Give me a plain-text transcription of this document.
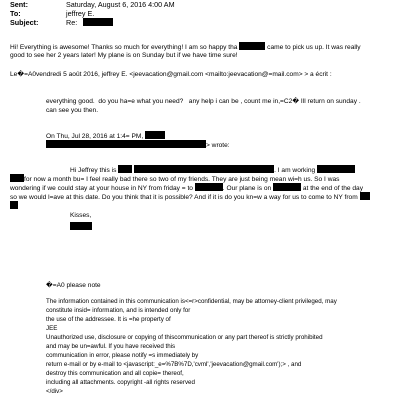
Sent:	Saturday, August 6, 2016 4:00 AM
To:	jeffrey E.
Subject:	Re:
Hi! Everything is awesome! Thanks so much for everything! I am so happy tha	came to pick us up. It was really
good to see her 2 years later! My plane is on Sunday but if we have time sure!
Le�=A0vendredi 5 août 2016, jeffrey E. <jeevacation@gmail.com <mailto:jeevacation@=mail.com> > a écrit :
everything good.  do you ha=e what you need?   any help i can be , count me in,=C2� Ill return on sunday .
can see you then.
On Thu, Jul 28, 2016 at 1:4= PM,
> wrote:
Hi Jeffrey this is	. I am working
for now a month bu= I feel really bad there so two of my friends. They are just being mean wi=h us. So I was
wondering if we could stay at your house in NY from friday = to	. Our plane is on	at the end of the day
so we would l=ave at this date. Do you think that it is possible? And if it is do you kn=w a way for us to come to NY from
Kisses,
�=A0 please note
The information contained in this communication is<=r>confidential, may be attorney-client privileged, may
constitute insid= information, and is intended only for
the use of the addressee. It is =he property of
JEE
Unauthorized use, disclosure or copying of thiscommunication or any part thereof is strictly prohibited
and may be un=awful. If you have received this
communication in error, please notify =s immediately by
return e-mail or by e-mail to <javascript:_e=%7B%7D,'cvml','jeevacation@gmail.com');> , and
destroy this communication and all copie= thereof,
including all attachments. copyright -all rights reserved
</div>
